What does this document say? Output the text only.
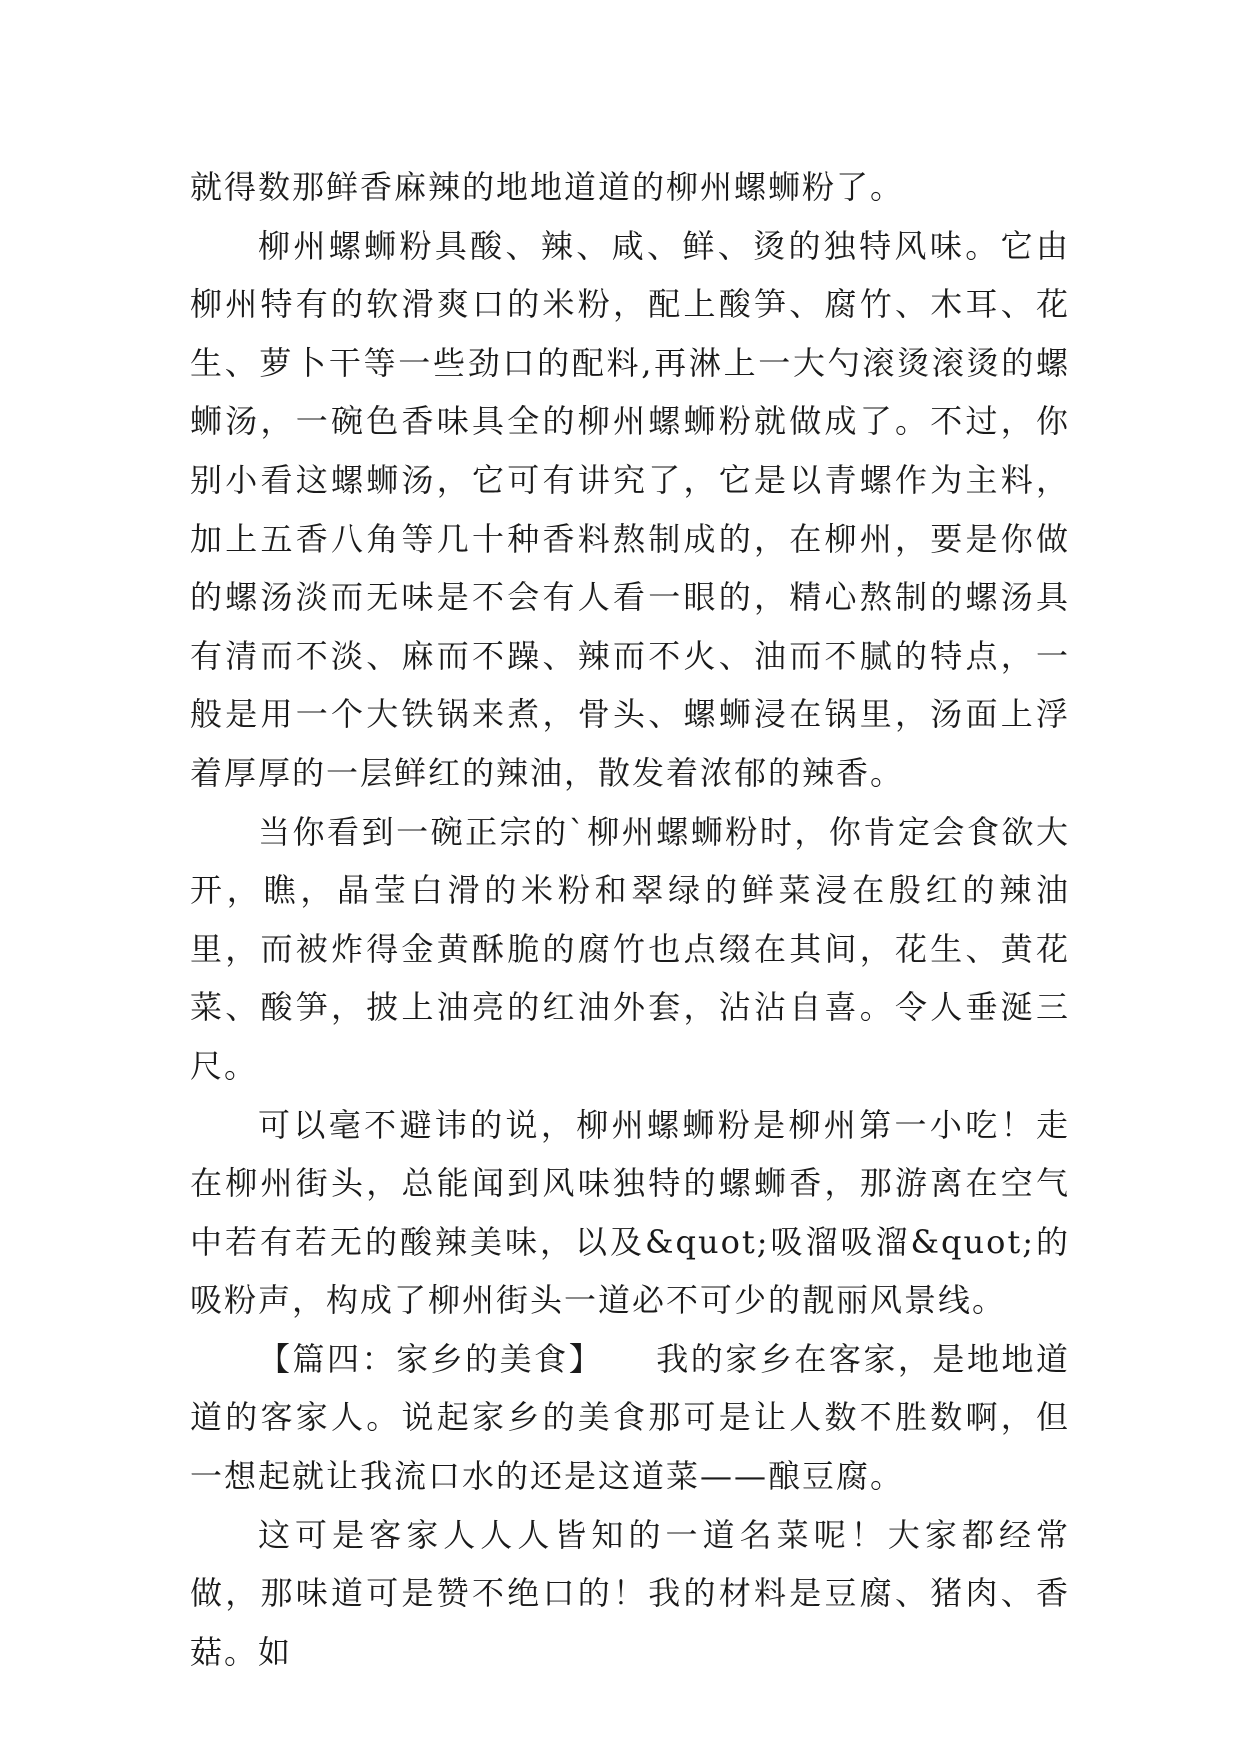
就得数那鲜香麻辣的地地道道的柳州螺蛳粉了。

柳州螺蛳粉具酸、辣、咸、鲜、烫的独特风味。它由柳州特有的软滑爽口的米粉，配上酸笋、腐竹、木耳、花生、萝卜干等一些劲口的配料,再淋上一大勺滚烫滚烫的螺蛳汤，一碗色香味具全的柳州螺蛳粉就做成了。不过，你别小看这螺蛳汤，它可有讲究了，它是以青螺作为主料，加上五香八角等几十种香料熬制成的，在柳州，要是你做的螺汤淡而无味是不会有人看一眼的，精心熬制的螺汤具有清而不淡、麻而不躁、辣而不火、油而不腻的特点，一般是用一个大铁锅来煮，骨头、螺蛳浸在锅里，汤面上浮着厚厚的一层鲜红的辣油，散发着浓郁的辣香。

当你看到一碗正宗的`柳州螺蛳粉时，你肯定会食欲大开，瞧，晶莹白滑的米粉和翠绿的鲜菜浸在殷红的辣油里，而被炸得金黄酥脆的腐竹也点缀在其间，花生、黄花菜、酸笋，披上油亮的红油外套，沾沾自喜。令人垂涎三尺。

可以毫不避讳的说，柳州螺蛳粉是柳州第一小吃！走在柳州街头，总能闻到风味独特的螺蛳香，那游离在空气中若有若无的酸辣美味，以及&quot;吸溜吸溜&quot;的吸粉声，构成了柳州街头一道必不可少的靓丽风景线。

【篇四：家乡的美食】　　我的家乡在客家，是地地道道的客家人。说起家乡的美食那可是让人数不胜数啊，但一想起就让我流口水的还是这道菜——酿豆腐。

这可是客家人人人皆知的一道名菜呢！大家都经常做，那味道可是赞不绝口的！我的材料是豆腐、猪肉、香菇。如
